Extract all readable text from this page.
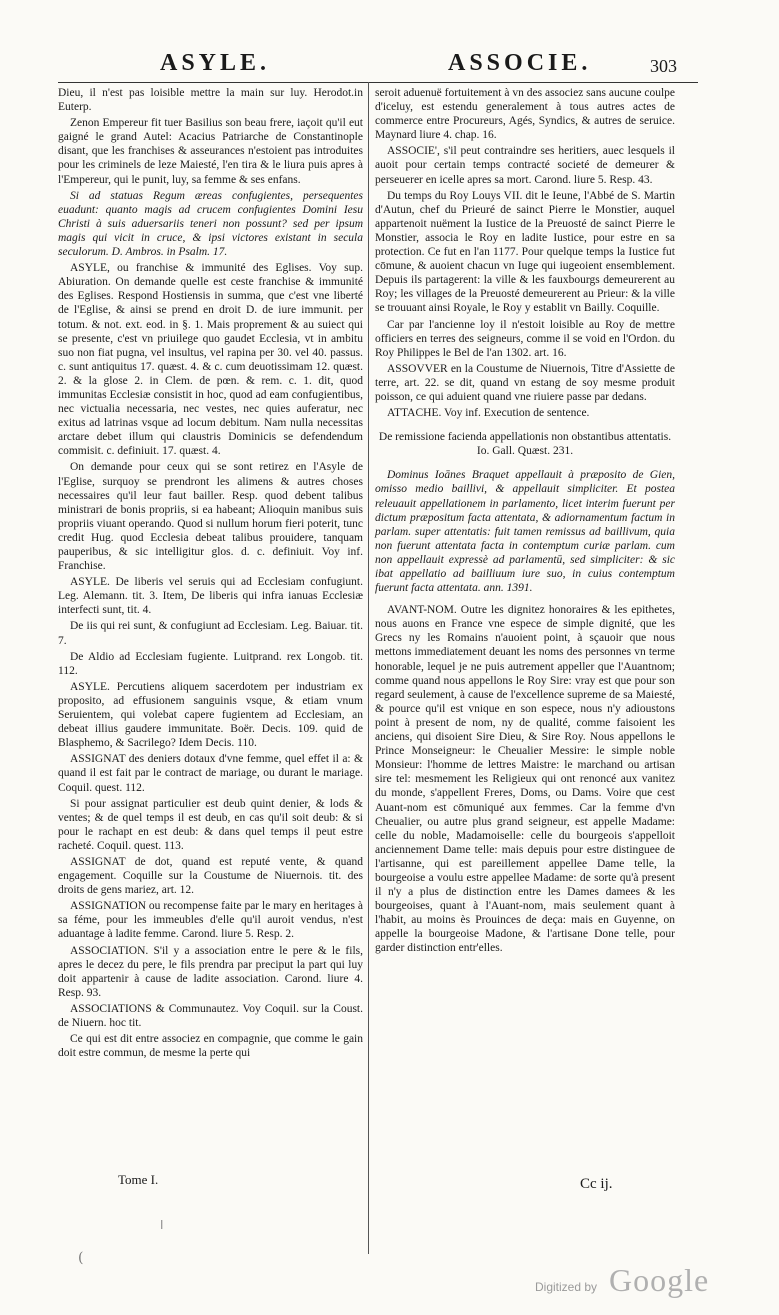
ASYLE.	ASSOCIE.	303

Dieu, il n'est pas loisible mettre la main sur luy. Herodot.in Euterp.

Zenon Empereur fit tuer Basilius son beau frere, iaçoit qu'il eut gaigné le grand Autel: Acacius Patriarche de Constantinople disant, que les franchises & asseurances n'estoient pas introduites pour les criminels de leze Maiesté, l'en tira & le liura puis apres à l'Empereur, qui le punit, luy, sa femme & ses enfans.

Si ad statuas Regum æreas confugientes, persequentes euadunt: quanto magis ad crucem confugientes Domini Iesu Christi à suis aduersariis teneri non possunt? sed per ipsum magis qui vicit in cruce, & ipsi victores existant in secula seculorum. D. Ambros. in Psalm. 17.

ASYLE, ou franchise & immunité des Eglises. Voy sup. Abiuration. On demande quelle est ceste franchise & immunité des Eglises. Respond Hostiensis in summa, que c'est vne liberté de l'Eglise, & ainsi se prend en droit D. de iure immunit. per totum. & not. ext. eod. in §. 1. Mais proprement & au suiect qui se presente, c'est vn priuilege quo gaudet Ecclesia, vt in ambitu suo non fiat pugna, vel insultus, vel rapina per 30. vel 40. passus. c. sunt antiquitus 17. quæst. 4. & c. cum deuotissimam 12. quæst. 2. & la glose 2. in Clem. de pœn. & rem. c. 1. dit, quod immunitas Ecclesiæ consistit in hoc, quod ad eam confugientibus, nec victualia necessaria, nec vestes, nec quies auferatur, nec exitus ad latrinas vsque ad locum debitum. Nam nulla necessitas arctare debet illum qui claustris Dominicis se defendendum commisit. c. definiuit. 17. quæst. 4.

On demande pour ceux qui se sont retirez en l'Asyle de l'Eglise, surquoy se prendront les alimens & autres choses necessaires qu'il leur faut bailler. Resp. quod debent talibus ministrari de bonis propriis, si ea habeant; Alioquin manibus suis propriis viuant operando. Quod si nullum horum fieri poterit, tunc credit Hug. quod Ecclesia debeat talibus prouidere, tanquam pauperibus, & sic intelligitur glos. d. c. definiuit. Voy inf. Franchise.

ASYLE. De liberis vel seruis qui ad Ecclesiam confugiunt. Leg. Alemann. tit. 3. Item, De liberis qui infra ianuas Ecclesiæ interfecti sunt, tit. 4.

De iis qui rei sunt, & confugiunt ad Ecclesiam. Leg. Baiuar. tit. 7.

De Aldio ad Ecclesiam fugiente. Luitprand. rex Longob. tit. 112.

ASYLE. Percutiens aliquem sacerdotem per industriam ex proposito, ad effusionem sanguinis vsque, & etiam vnum Seruientem, qui volebat capere fugientem ad Ecclesiam, an debeat illius gaudere immunitate. Boër. Decis. 109. quid de Blasphemo, & Sacrilego? Idem Decis. 110.

ASSIGNAT des deniers dotaux d'vne femme, quel effet il a: & quand il est fait par le contract de mariage, ou durant le mariage. Coquil. quest. 112.

Si pour assignat particulier est deub quint denier, & lods & ventes; & de quel temps il est deub, en cas qu'il soit deub: & si pour le rachapt en est deub: & dans quel temps il peut estre racheté. Coquil. quest. 113.

ASSIGNAT de dot, quand est reputé vente, & quand engagement. Coquille sur la Coustume de Niuernois. tit. des droits de gens mariez, art. 12.

ASSIGNATION ou recompense faite par le mary en heritages à sa féme, pour les immeubles d'elle qu'il auroit vendus, n'est aduantage à ladite femme. Carond. liure 5. Resp. 2.

ASSOCIATION. S'il y a association entre le pere & le fils, apres le decez du pere, le fils prendra par preciput la part qui luy doit appartenir à cause de ladite association. Carond. liure 4. Resp. 93.

ASSOCIATIONS & Communautez. Voy Coquil. sur la Coust. de Niuern. hoc tit.

Ce qui est dit entre associez en compagnie, que comme le gain doit estre commun, de mesme la perte qui

seroit aduenuë fortuitement à vn des associez sans aucune coulpe d'iceluy, est estendu generalement à tous autres actes de commerce entre Procureurs, Agés, Syndics, & autres de seruice. Maynard liure 4. chap. 16.

ASSOCIE', s'il peut contraindre ses heritiers, auec lesquels il auoit pour certain temps contracté societé de demeurer & perseuerer en icelle apres sa mort. Carond. liure 5. Resp. 43.

Du temps du Roy Louys VII. dit le Ieune, l'Abbé de S. Martin d'Autun, chef du Prieuré de sainct Pierre le Monstier, auquel appartenoit nuëment la Iustice de la Preuosté de sainct Pierre le Monstier, associa le Roy en ladite Iustice, pour estre en sa protection. Ce fut en l'an 1177. Pour quelque temps la Iustice fut cōmune, & auoient chacun vn Iuge qui iugeoient ensemblement. Depuis ils partagerent: la ville & les fauxbourgs demeurerent au Roy; les villages de la Preuosté demeurerent au Prieur: & la ville se trouuant ainsi Royale, le Roy y establit vn Bailly. Coquille.

Car par l'ancienne loy il n'estoit loisible au Roy de mettre officiers en terres des seigneurs, comme il se void en l'Ordon. du Roy Philippes le Bel de l'an 1302. art. 16.

ASSOVVER en la Coustume de Niuernois, Titre d'Assiette de terre, art. 22. se dit, quand vn estang de soy mesme produit poisson, ce qui aduient quand vne riuiere passe par dedans.

ATTACHE. Voy inf. Execution de sentence.

De remissione facienda appellationis non obstantibus attentatis. Io. Gall. Quæst. 231.

Dominus Ioānes Braquet appellauit à præposito de Gien, omisso medio baillivi, & appellauit simpliciter. Et postea releuauit appellationem in parlamento, licet interim fuerunt per dictum præpositum facta attentata, & adiornamentum factum in parlam. super attentatis: fuit tamen remissus ad baillivum, quia non fuerunt attentata facta in contemptum curiæ parlam. cum non appellauit expressè ad parlamentū, sed simpliciter: & sic ibat appellatio ad bailliuum iure suo, in cuius contemptum fuerunt facta attentata. ann. 1391.

AVANT-NOM. Outre les dignitez honoraires & les epithetes, nous auons en France vne espece de simple dignité, que les Grecs ny les Romains n'auoient point, à sçauoir que nous mettons immediatement deuant les noms des personnes vn terme honorable, lequel je ne puis autrement appeller que l'Auantnom; comme quand nous appellons le Roy Sire: vray est que pour son regard seulement, à cause de l'excellence supreme de sa Maiesté, & pource qu'il est vnique en son espece, nous n'y adioustons point à present de nom, ny de qualité, comme faisoient les anciens, qui disoient Sire Dieu, & Sire Roy. Nous appellons le Prince Monseigneur: le Cheualier Messire: le simple noble Monsieur: l'homme de lettres Maistre: le marchand ou artisan sire tel: mesmement les Religieux qui ont renoncé aux vanitez du monde, s'appellent Freres, Doms, ou Dams. Voire que cest Auant-nom est cōmuniqué aux femmes. Car la femme d'vn Cheualier, ou autre plus grand seigneur, est appelle Madame: celle du noble, Madamoiselle: celle du bourgeois s'appelloit anciennement Dame telle: mais depuis pour estre distinguee de l'artisanne, qui est pareillement appellee Dame telle, la bourgeoise a voulu estre appellee Madame: de sorte qu'à present il n'y a plus de distinction entre les Dames damees & les bourgeoises, quant à l'Auant-nom, mais seulement quant à l'habit, au moins ès Prouinces de deça: mais en Guyenne, on appelle la bourgeoise Madone, & l'artisane Done telle, pour garder distinction entr'elles.

Tome I.	Cc ij.
ǀ
(
Digitized by Google
